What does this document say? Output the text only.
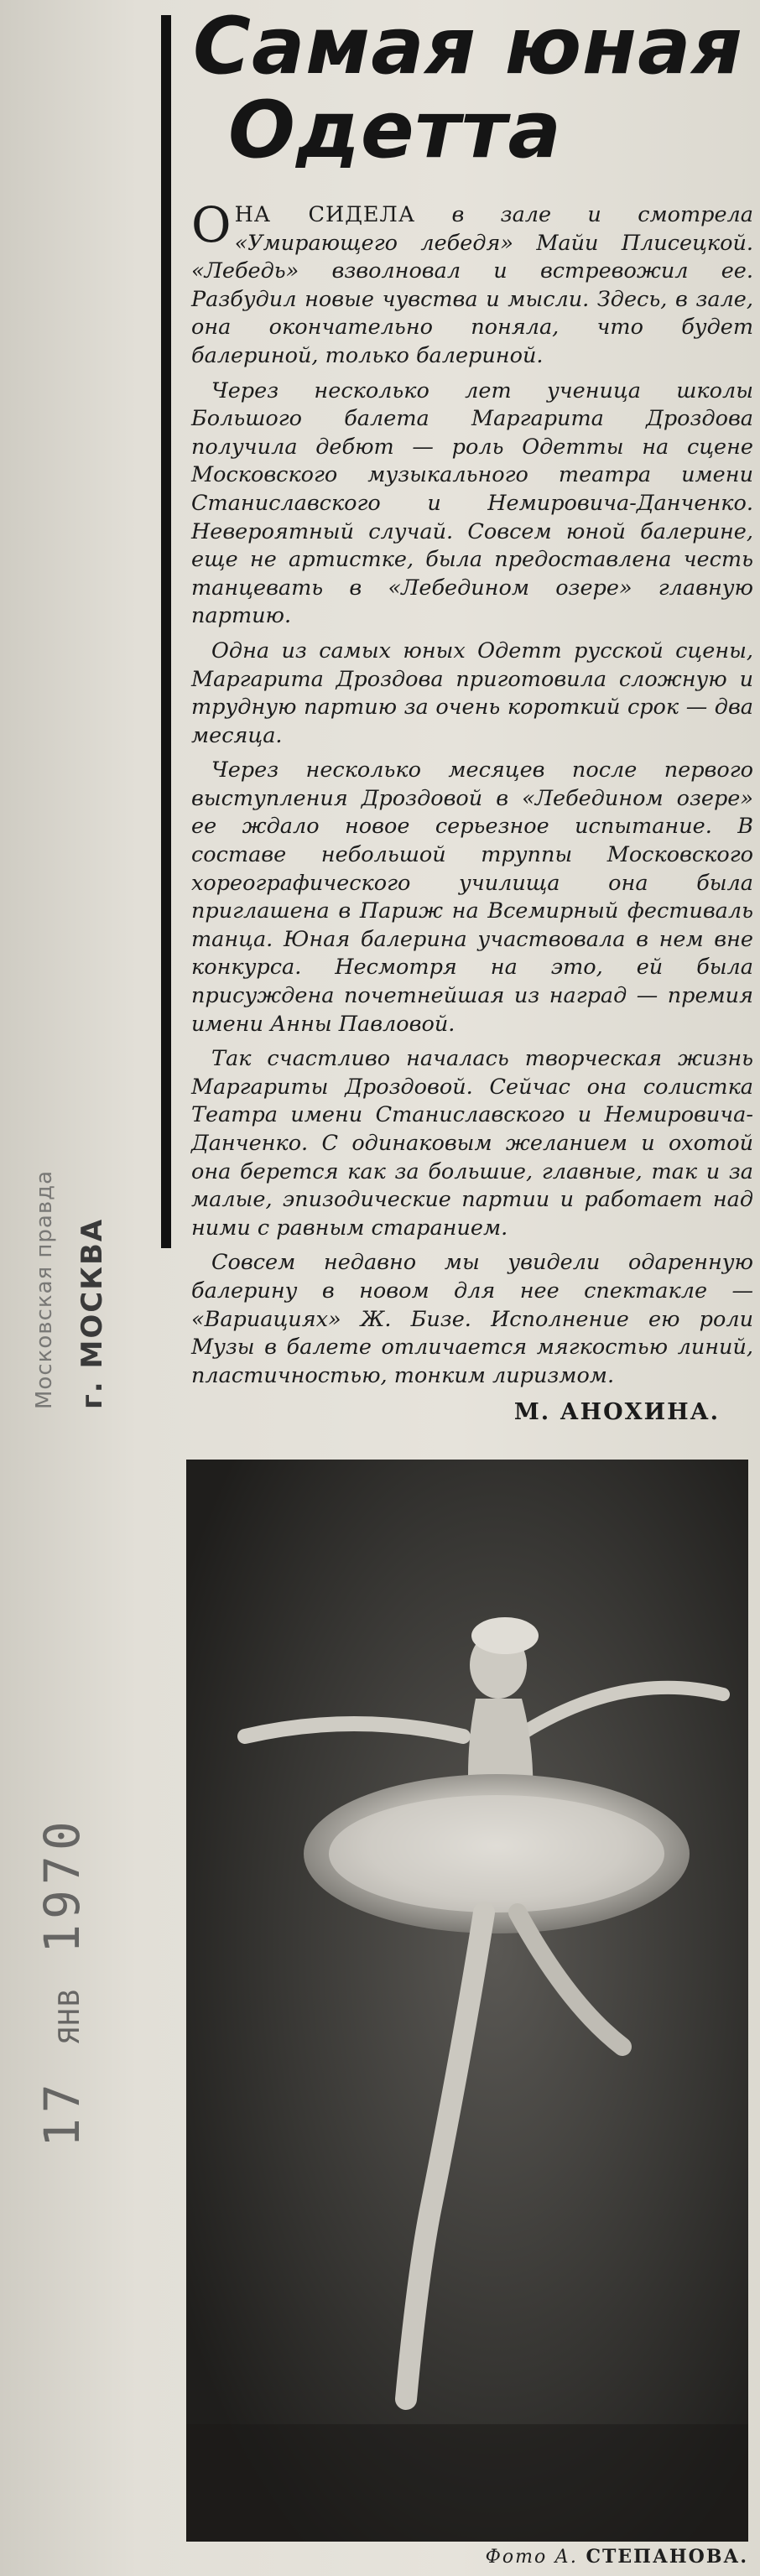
Московская правда г. МОСКВА
17 ЯНВ 1970
Самая юная
Одетта

ОНА СИДЕЛА в зале и смотрела «Умирающего лебедя» Майи Плисецкой. «Лебедь» взволновал и встревожил ее. Разбудил новые чувства и мысли. Здесь, в зале, она окончательно поняла, что будет балериной, только балериной.

Через несколько лет ученица школы Большого балета Маргарита Дроздова получила дебют — роль Одетты на сцене Московского музыкального театра имени Станиславского и Немировича-Данченко. Невероятный случай. Совсем юной балерине, еще не артистке, была предоставлена честь танцевать в «Лебедином озере» главную партию.

Одна из самых юных Одетт русской сцены, Маргарита Дроздова приготовила сложную и трудную партию за очень короткий срок — два месяца.

Через несколько месяцев после первого выступления Дроздовой в «Лебедином озере» ее ждало новое серьезное испытание. В составе небольшой труппы Московского хореографического училища она была приглашена в Париж на Всемирный фестиваль танца. Юная балерина участвовала в нем вне конкурса. Несмотря на это, ей была присуждена почетнейшая из наград — премия имени Анны Павловой.

Так счастливо началась творческая жизнь Маргариты Дроздовой. Сейчас она солистка Театра имени Станиславского и Немировича-Данченко. С одинаковым желанием и охотой она берется как за большие, главные, так и за малые, эпизодические партии и работает над ними с равным старанием.

Совсем недавно мы увидели одаренную балерину в новом для нее спектакле — «Вариациях» Ж. Бизе. Исполнение ею роли Музы в балете отличается мягкостью линий, пластичностью, тонким лиризмом.

М. АНОХИНА.
Фото А. СТЕПАНОВА.
